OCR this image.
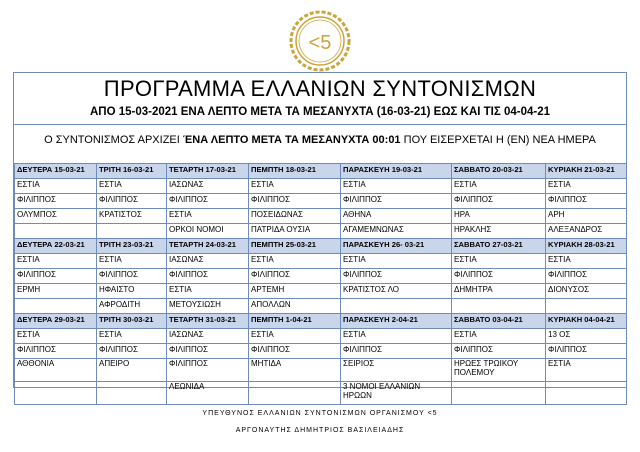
<5
ΠΡΟΓΡΑΜΜΑ ΕΛΛΑΝΙΩΝ ΣΥΝΤΟΝΙΣΜΩΝ
ΑΠΟ 15-03-2021 ΕΝΑ ΛΕΠΤΟ ΜΕΤΑ ΤΑ ΜΕΣΑΝΥΧΤΑ (16-03-21) ΕΩΣ ΚΑΙ ΤΙΣ 04-04-21
Ο ΣΥΝΤΟΝΙΣΜΟΣ ΑΡΧΙΖΕΙ ΈΝΑ ΛΕΠΤΟ ΜΕΤΑ ΤΑ ΜΕΣΑΝΥΧΤΑ 00:01 ΠΟΥ ΕΙΣΕΡΧΕΤΑΙ Η (ΕΝ) ΝΕΑ ΗΜΕΡΑ
ΔΕΥΤΕΡΑ 15-03-21	ΤΡΙΤΗ 16-03-21	ΤΕΤΑΡΤΗ 17-03-21	ΠΕΜΠΤΗ 18-03-21	ΠΑΡΑΣΚΕΥΗ 19-03-21	ΣΑΒΒΑΤΟ 20-03-21	ΚΥΡΙΑΚΗ 21-03-21
ΕΣΤΙΑ	ΕΣΤΙΑ	ΙΑΣΩΝΑΣ	ΕΣΤΙΑ	ΕΣΤΙΑ	ΕΣΤΙΑ	ΕΣΤΙΑ
ΦΙΛΙΠΠΟΣ	ΦΙΛΙΠΠΟΣ	ΦΙΛΙΠΠΟΣ	ΦΙΛΙΠΠΟΣ	ΦΙΛΙΠΠΟΣ	ΦΙΛΙΠΠΟΣ	ΦΙΛΙΠΠΟΣ
ΟΛΥΜΠΟΣ	ΚΡΑΤΙΣΤΟΣ	ΕΣΤΙΑ	ΠΟΣΕΙΔΩΝΑΣ	ΑΘΗΝΑ	ΗΡΑ	ΑΡΗ
		ΟΡΚΟΙ ΝΟΜΟΙ	ΠΑΤΡΙΔΑ ΟΥΣΙΑ	ΑΓΑΜΕΜΝΩΝΑΣ	ΗΡΑΚΛΗΣ	ΑΛΕΞΑΝΔΡΟΣ
ΔΕΥΤΕΡΑ 22-03-21	ΤΡΙΤΗ 23-03-21	ΤΕΤΑΡΤΗ 24-03-21	ΠΕΜΠΤΗ 25-03-21	ΠΑΡΑΣΚΕΥΗ 26- 03-21	ΣΑΒΒΑΤΟ 27-03-21	ΚΥΡΙΑΚΗ 28-03-21
ΕΣΤΙΑ	ΕΣΤΙΑ	ΙΑΣΩΝΑΣ	ΕΣΤΙΑ	ΕΣΤΙΑ	ΕΣΤΙΑ	ΕΣΤΙΑ
ΦΙΛΙΠΠΟΣ	ΦΙΛΙΠΠΟΣ	ΦΙΛΙΠΠΟΣ	ΦΙΛΙΠΠΟΣ	ΦΙΛΙΠΠΟΣ	ΦΙΛΙΠΠΟΣ	ΦΙΛΙΠΠΟΣ
ΕΡΜΗ	ΗΦΑΙΣΤΟ	ΕΣΤΙΑ	ΑΡΤΕΜΗ	ΚΡΑΤΙΣΤΟΣ ΛΟ	ΔΗΜΗΤΡΑ	ΔΙΟΝΥΣΟΣ
	ΑΦΡΟΔΙΤΗ	ΜΕΤΟΥΣΙΩΣΗ	ΑΠΟΛΛΩΝ			
ΔΕΥΤΕΡΑ 29-03-21	ΤΡΙΤΗ 30-03-21	ΤΕΤΑΡΤΗ 31-03-21	ΠΕΜΠΤΗ 1-04-21	ΠΑΡΑΣΚΕΥΗ 2-04-21	ΣΑΒΒΑΤΟ 03-04-21	ΚΥΡΙΑΚΗ 04-04-21
ΕΣΤΙΑ	ΕΣΤΙΑ	ΙΑΣΩΝΑΣ	ΕΣΤΙΑ	ΕΣΤΙΑ	ΕΣΤΙΑ	13 ΟΣ
ΦΙΛΙΠΠΟΣ	ΦΙΛΙΠΠΟΣ	ΦΙΛΙΠΠΟΣ	ΦΙΛΙΠΠΟΣ	ΦΙΛΙΠΠΟΣ	ΦΙΛΙΠΠΟΣ	ΦΙΛΙΠΠΟΣ
ΑΘΘΟΝΙΑ	ΑΠΕΙΡΟ	ΦΙΛΙΠΠΟΣ	ΜΗΤΙΔΑ	ΣΕΙΡΙΟΣ	ΗΡΩΕΣ ΤΡΩΙΚΟΥ ΠΟΛΕΜΟΥ	ΕΣΤΙΑ
		ΛΕΩΝΙΔΑ		3 ΝΟΜΟΙ ΕΛΛΑΝΙΩΝ ΗΡΩΩΝ		
ΥΠΕΥΘΥΝΟΣ ΕΛΛΑΝΙΩΝ ΣΥΝΤΟΝΙΣΜΩΝ ΟΡΓΑΝΙΣΜΟΥ <5
ΑΡΓΟΝΑΥΤΗΣ ΔΗΜΗΤΡΙΟΣ ΒΑΣΙΛΕΙΑΔΗΣ
